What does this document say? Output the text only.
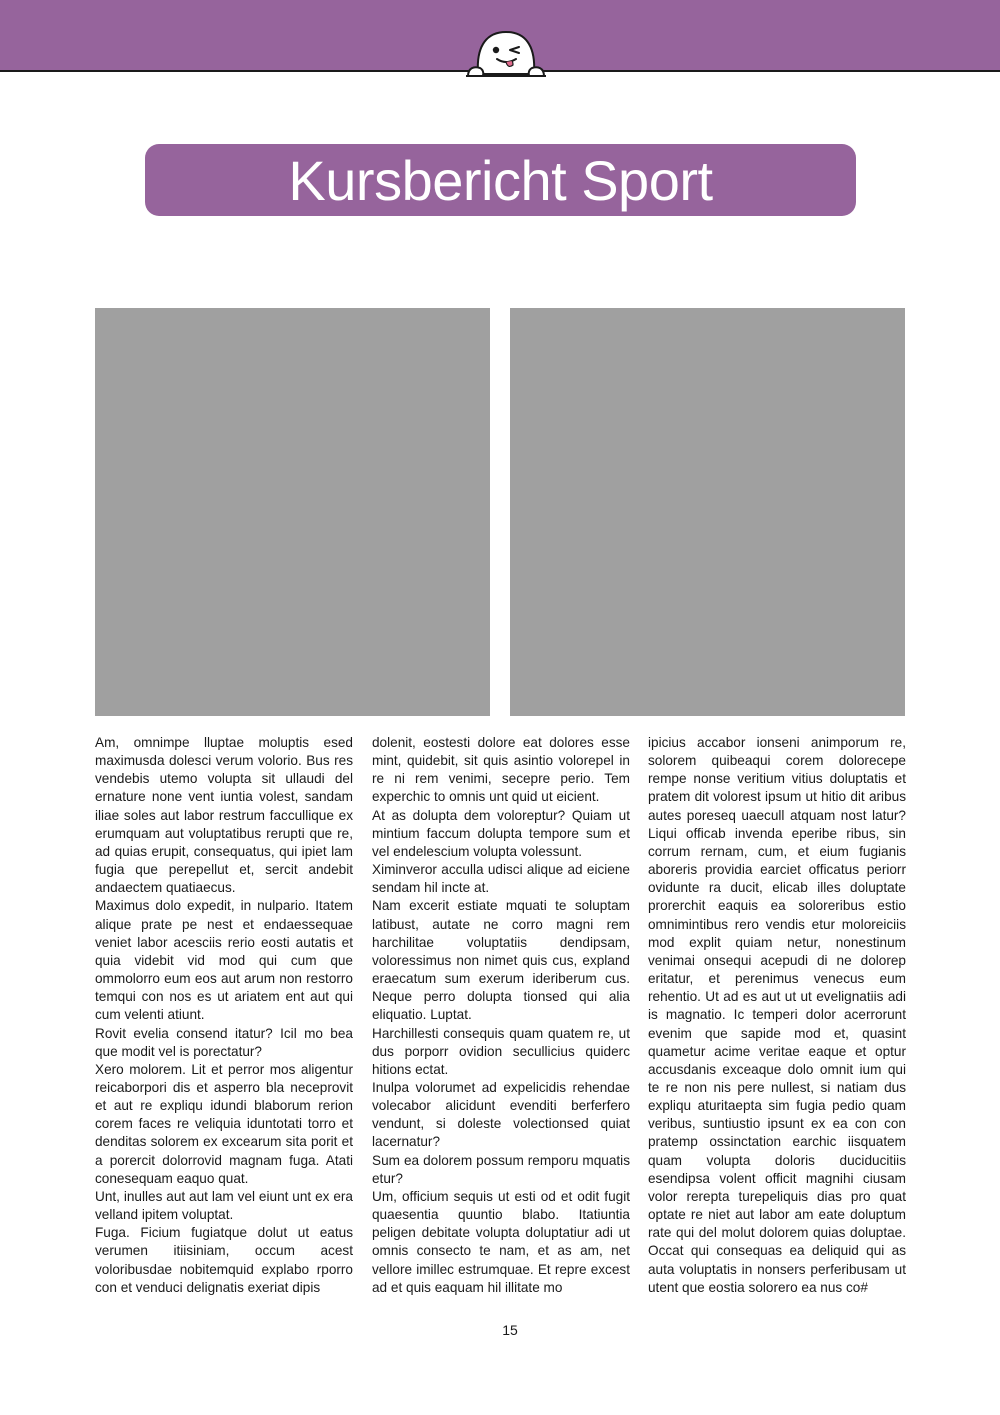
Kursbericht Sport

Am, omnimpe lluptae moluptis esed maximusda dolesci verum volorio. Bus res vendebis utemo volupta sit ullaudi del ernature none vent iuntia volest, sandam iliae soles aut labor restrum faccullique ex erumquam aut voluptatibus rerupti que re, ad quias erupit, consequatus, qui ipiet lam fugia que perepellut et, sercit andebit andaectem quatiaecus.

Maximus dolo expedit, in nulpario. Itatem alique prate pe nest et endaessequae veniet labor acesciis rerio eosti autatis et quia videbit vid mod qui cum que ommolorro eum eos aut arum non restorro temqui con nos es ut ariatem ent aut qui cum velenti atiunt.

Rovit evelia consend itatur? Icil mo bea que modit vel is porectatur?

Xero molorem. Lit et perror mos aligentur reicaborpori dis et asperro bla neceprovit et aut re expliqu idundi blaborum rerion corem faces re veliquia iduntotati torro et denditas solorem ex excearum sita porit et a porercit dolorrovid magnam fuga. Atati conesequam eaquo quat.

Unt, inulles aut aut lam vel eiunt unt ex era velland ipitem voluptat.

Fuga. Ficium fugiatque dolut ut eatus verumen itiisiniam, occum acest voloribusdae nobitemquid explabo rporro con et venduci delignatis exeriat dipis

dolenit, eostesti dolore eat dolores esse mint, quidebit, sit quis asintio volorepel in re ni rem venimi, secepre perio. Tem experchic to omnis unt quid ut eicient.

At as dolupta dem voloreptur? Quiam ut mintium faccum dolupta tempore sum et vel endelescium volupta volessunt.

Ximinveror acculla udisci alique ad eiciene sendam hil incte at.

Nam excerit estiate mquati te soluptam latibust, autate ne corro magni rem harchilitae voluptatiis dendipsam, voloressimus non nimet quis cus, expland eraecatum sum exerum ideriberum cus. Neque perro dolupta tionsed qui alia eliquatio. Luptat.

Harchillesti consequis quam quatem re, ut dus porporr ovidion secullicius quiderc hitions ectat.

Inulpa volorumet ad expelicidis rehendae volecabor alicidunt evenditi berferfero vendunt, si doleste volectionsed quiat lacernatur?

Sum ea dolorem possum remporu mquatis etur?

Um, officium sequis ut esti od et odit fugit quaesentia quuntio blabo. Itatiuntia peligen debitate volupta doluptatiur adi ut omnis consecto te nam, et as am, net vellore imillec estrumquae. Et repre excest ad et quis eaquam hil illitate mo

ipicius accabor ionseni animporum re, solorem quibeaqui corem dolorecepe rempe nonse veritium vitius doluptatis et pratem dit volorest ipsum ut hitio dit aribus autes poreseq uaecull atquam nost latur? Liqui officab invenda eperibe ribus, sin corrum rernam, cum, et eium fugianis aboreris providia earciet officatus periorr ovidunte ra ducit, elicab illes doluptate prorerchit eaquis ea soloreribus estio omnimintibus rero vendis etur moloreiciis mod explit quiam netur, nonestinum venimai onsequi acepudi di ne dolorep eritatur, et perenimus venecus eum rehentio. Ut ad es aut ut ut evelignatiis adi is magnatio. Ic temperi dolor acerrorunt evenim que sapide mod et, quasint quametur acime veritae eaque et optur accusdanis exceaque dolo omnit ium qui te re non nis pere nullest, si natiam dus expliqu aturitaepta sim fugia pedio quam veribus, suntiustio ipsunt ex ea con con pratemp ossinctation earchic iisquatem quam volupta doloris duciducitiis esendipsa volent officit magnihi ciusam volor rerepta turepeliquis dias pro quat optate re niet aut labor am eate doluptum rate qui del molut dolorem quias doluptae. Occat qui consequas ea deliquid qui as auta voluptatis in nonsers perferibusam ut utent que eostia solorero ea nus co#

15
